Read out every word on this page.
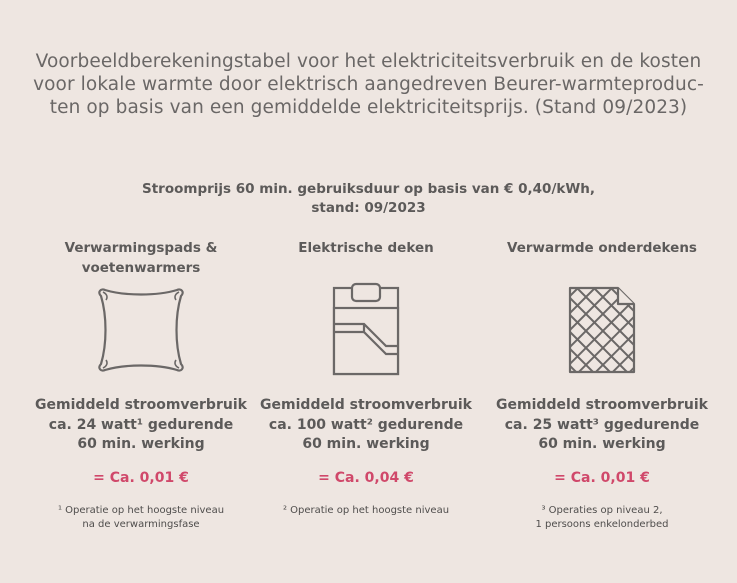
Voorbeeldberekeningstabel voor het elektriciteitsverbruik en de kosten
voor lokale warmte door elektrisch aangedreven Beurer-warmteproduc-
ten op basis van een gemiddelde elektriciteitsprijs. (Stand 09/2023)
Stroomprijs 60 min. gebruiksduur op basis van € 0,40/kWh,
stand: 09/2023
Verwarmingspads &
voetenwarmers
Gemiddeld stroomverbruik
ca. 24 watt¹ gedurende
60 min. werking
= Ca. 0,01 €
¹ Operatie op het hoogste niveau
na de verwarmingsfase
Elektrische deken
Gemiddeld stroomverbruik
ca. 100 watt² gedurende
60 min. werking
= Ca. 0,04 €
² Operatie op het hoogste niveau
Verwarmde onderdekens
Gemiddeld stroomverbruik
ca. 25 watt³ ggedurende
60 min. werking
= Ca. 0,01 €
³ Operaties op niveau 2,
1 persoons enkelonderbed
